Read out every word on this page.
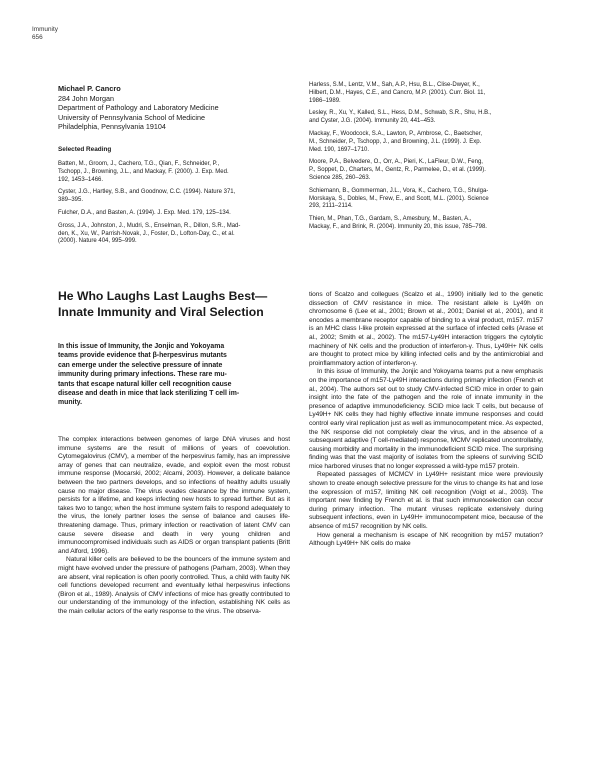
Immunity
656

Michael P. Cancro

284 John Morgan

Department of Pathology and Laboratory Medicine

University of Pennsylvania School of Medicine

Philadelphia, Pennsylvania 19104

Selected Reading

Batten, M., Groom, J., Cachero, T.G., Qian, F., Schneider, P.,
Tschopp, J., Browning, J.L., and Mackay, F. (2000). J. Exp. Med.
192, 1453–1466.

Cyster, J.G., Hartley, S.B., and Goodnow, C.C. (1994). Nature 371,
389–395.

Fulcher, D.A., and Basten, A. (1994). J. Exp. Med. 179, 125–134.

Gross, J.A., Johnston, J., Mudri, S., Enselman, R., Dillon, S.R., Mad-
den, K., Xu, W., Parrish-Novak, J., Foster, D., Lofton-Day, C., et al.
(2000). Nature 404, 995–999.

Harless, S.M., Lentz, V.M., Sah, A.P., Hsu, B.L., Clise-Dwyer, K.,
Hilbert, D.M., Hayes, C.E., and Cancro, M.P. (2001). Curr. Biol. 11,
1986–1989.

Lesley, R., Xu, Y., Kalled, S.L., Hess, D.M., Schwab, S.R., Shu, H.B.,
and Cyster, J.G. (2004). Immunity 20, 441–453.

Mackay, F., Woodcock, S.A., Lawton, P., Ambrose, C., Baetscher,
M., Schneider, P., Tschopp, J., and Browning, J.L. (1999). J. Exp.
Med. 190, 1697–1710.

Moore, P.A., Belvedere, O., Orr, A., Pieri, K., LaFleur, D.W., Feng,
P., Soppet, D., Charters, M., Gentz, R., Parmelee, D., et al. (1999).
Science 285, 260–263.

Schiemann, B., Gommerman, J.L., Vora, K., Cachero, T.G., Shulga-
Morskaya, S., Dobles, M., Frew, E., and Scott, M.L. (2001). Science
293, 2111–2114.

Thien, M., Phan, T.G., Gardam, S., Amesbury, M., Basten, A.,
Mackay, F., and Brink, R. (2004). Immunity 20, this issue, 785–798.

He Who Laughs Last Laughs Best—
Innate Immunity and Viral Selection

In this issue of Immunity, the Jonjic and Yokoyama
teams provide evidence that β-herpesvirus mutants
can emerge under the selective pressure of innate
immunity during primary infections. These rare mu-
tants that escape natural killer cell recognition cause
disease and death in mice that lack sterilizing T cell im-
munity.

The complex interactions between genomes of large DNA viruses and host immune systems are the result of millions of years of coevolution. Cytomegalovirus (CMV), a member of the herpesvirus family, has an impressive array of genes that can neutralize, evade, and exploit even the most robust immune response (Mocarski, 2002; Alcami, 2003). However, a delicate balance between the two partners develops, and so infections of healthy adults usually cause no major disease. The virus evades clearance by the immune system, persists for a lifetime, and keeps infecting new hosts to spread further. But as it takes two to tango; when the host immune system fails to respond adequately to the virus, the lonely partner loses the sense of balance and causes life-threatening damage. Thus, primary infection or reactivation of latent CMV can cause severe disease and death in very young children and immunocompromised individuals such as AIDS or organ transplant patients (Britt and Alford, 1996).

Natural killer cells are believed to be the bouncers of the immune system and might have evolved under the pressure of pathogens (Parham, 2003). When they are absent, viral replication is often poorly controlled. Thus, a child with faulty NK cell functions developed recurrent and eventually lethal herpesvirus infections (Biron et al., 1989). Analysis of CMV infections of mice has greatly contributed to our understanding of the immunology of the infection, establishing NK cells as the main cellular actors of the early response to the virus. The observa-

tions of Scalzo and collegues (Scalzo et al., 1990) initially led to the genetic dissection of CMV resistance in mice. The resistant allele is Ly49h on chromosome 6 (Lee et al., 2001; Brown et al., 2001; Daniel et al., 2001), and it encodes a membrane receptor capable of binding to a viral product, m157. m157 is an MHC class I-like protein expressed at the surface of infected cells (Arase et al., 2002; Smith et al., 2002). The m157-Ly49H interaction triggers the cytolytic machinery of NK cells and the production of interferon-γ. Thus, Ly49H+ NK cells are thought to protect mice by killing infected cells and by the antimicrobial and proinflammatory action of interferon-γ.

In this issue of Immunity, the Jonjic and Yokoyama teams put a new emphasis on the importance of m157-Ly49H interactions during primary infection (French et al., 2004). The authors set out to study CMV-infected SCID mice in order to gain insight into the fate of the pathogen and the role of innate immunity in the presence of adaptive immunodeficiency. SCID mice lack T cells, but because of Ly49H+ NK cells they had highly effective innate immune responses and could control early viral replication just as well as immunocompetent mice. As expected, the NK response did not completely clear the virus, and in the absence of a subsequent adaptive (T cell-mediated) response, MCMV replicated uncontrollably, causing morbidity and mortality in the immunodeficient SCID mice. The surprising finding was that the vast majority of isolates from the spleens of surviving SCID mice harbored viruses that no longer expressed a wild-type m157 protein.

Repeated passages of MCMCV in Ly49H+ resistant mice were previously shown to create enough selective pressure for the virus to change its hat and lose the expression of m157, limiting NK cell recognition (Voigt et al., 2003). The important new finding by French et al. is that such immunoselection can occur during primary infection. The mutant viruses replicate extensively during subsequent infections, even in Ly49H+ immunocompetent mice, because of the absence of m157 recognition by NK cells.

How general a mechanism is escape of NK recognition by m157 mutation? Although Ly49H+ NK cells do make
